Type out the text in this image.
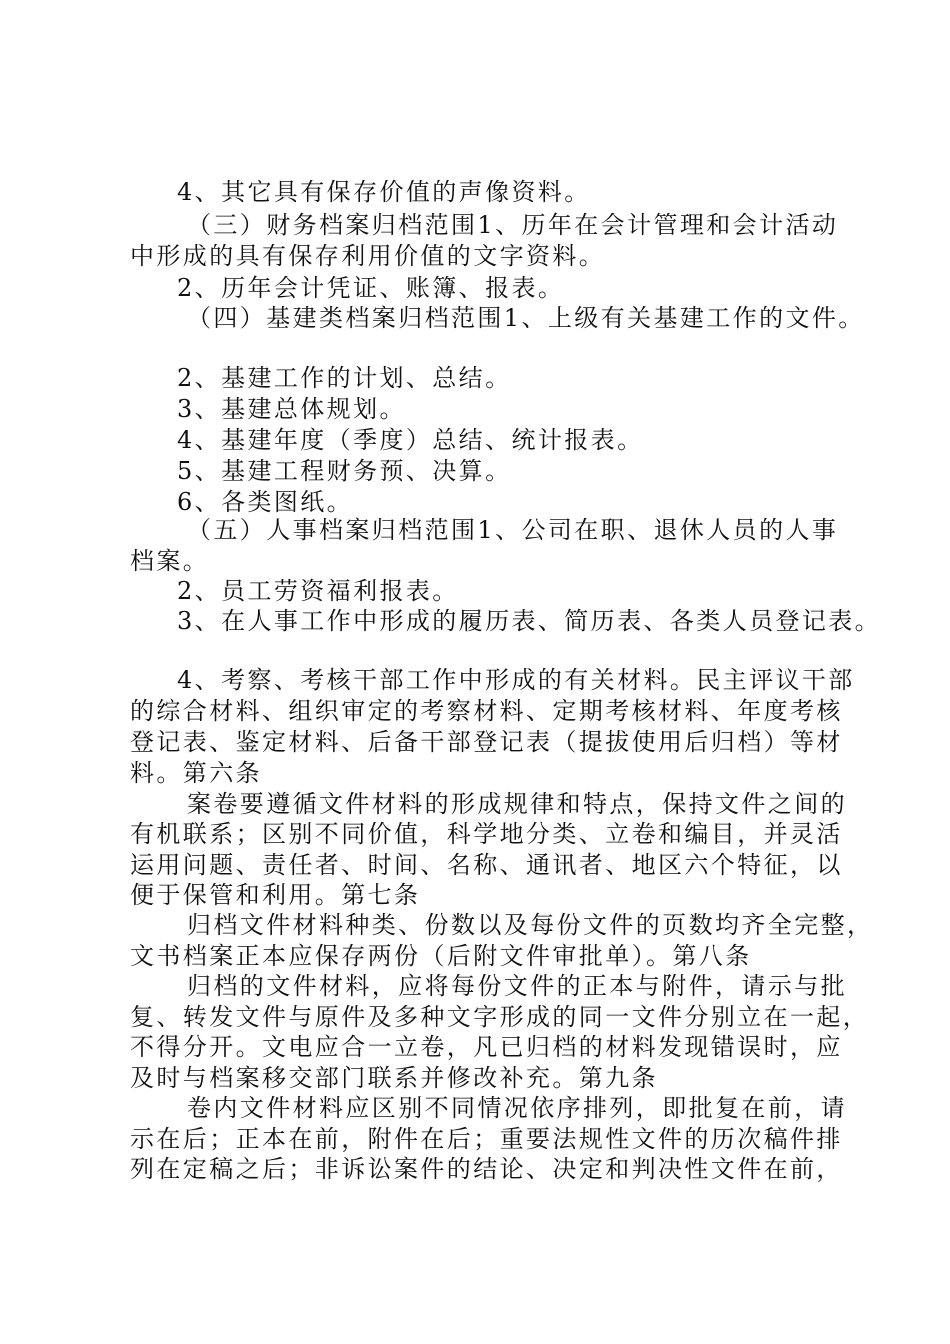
4、其它具有保存价值的声像资料。
（三）财务档案归档范围1、历年在会计管理和会计活动
中形成的具有保存利用价值的文字资料。
2、历年会计凭证、账簿、报表。
（四）基建类档案归档范围1、上级有关基建工作的文件。
2、基建工作的计划、总结。
3、基建总体规划。
4、基建年度（季度）总结、统计报表。
5、基建工程财务预、决算。
6、各类图纸。
（五）人事档案归档范围1、公司在职、退休人员的人事
档案。
2、员工劳资福利报表。
3、在人事工作中形成的履历表、简历表、各类人员登记表。
4、考察、考核干部工作中形成的有关材料。民主评议干部
的综合材料、组织审定的考察材料、定期考核材料、年度考核
登记表、鉴定材料、后备干部登记表（提拔使用后归档）等材
料。第六条
案卷要遵循文件材料的形成规律和特点，保持文件之间的
有机联系；区别不同价值，科学地分类、立卷和编目，并灵活
运用问题、责任者、时间、名称、通讯者、地区六个特征，以
便于保管和利用。第七条
归档文件材料种类、份数以及每份文件的页数均齐全完整，
文书档案正本应保存两份（后附文件审批单）。第八条
归档的文件材料，应将每份文件的正本与附件，请示与批
复、转发文件与原件及多种文字形成的同一文件分别立在一起，
不得分开。文电应合一立卷，凡已归档的材料发现错误时，应
及时与档案移交部门联系并修改补充。第九条
卷内文件材料应区别不同情况依序排列，即批复在前，请
示在后；正本在前，附件在后；重要法规性文件的历次稿件排
列在定稿之后；非诉讼案件的结论、决定和判决性文件在前，
